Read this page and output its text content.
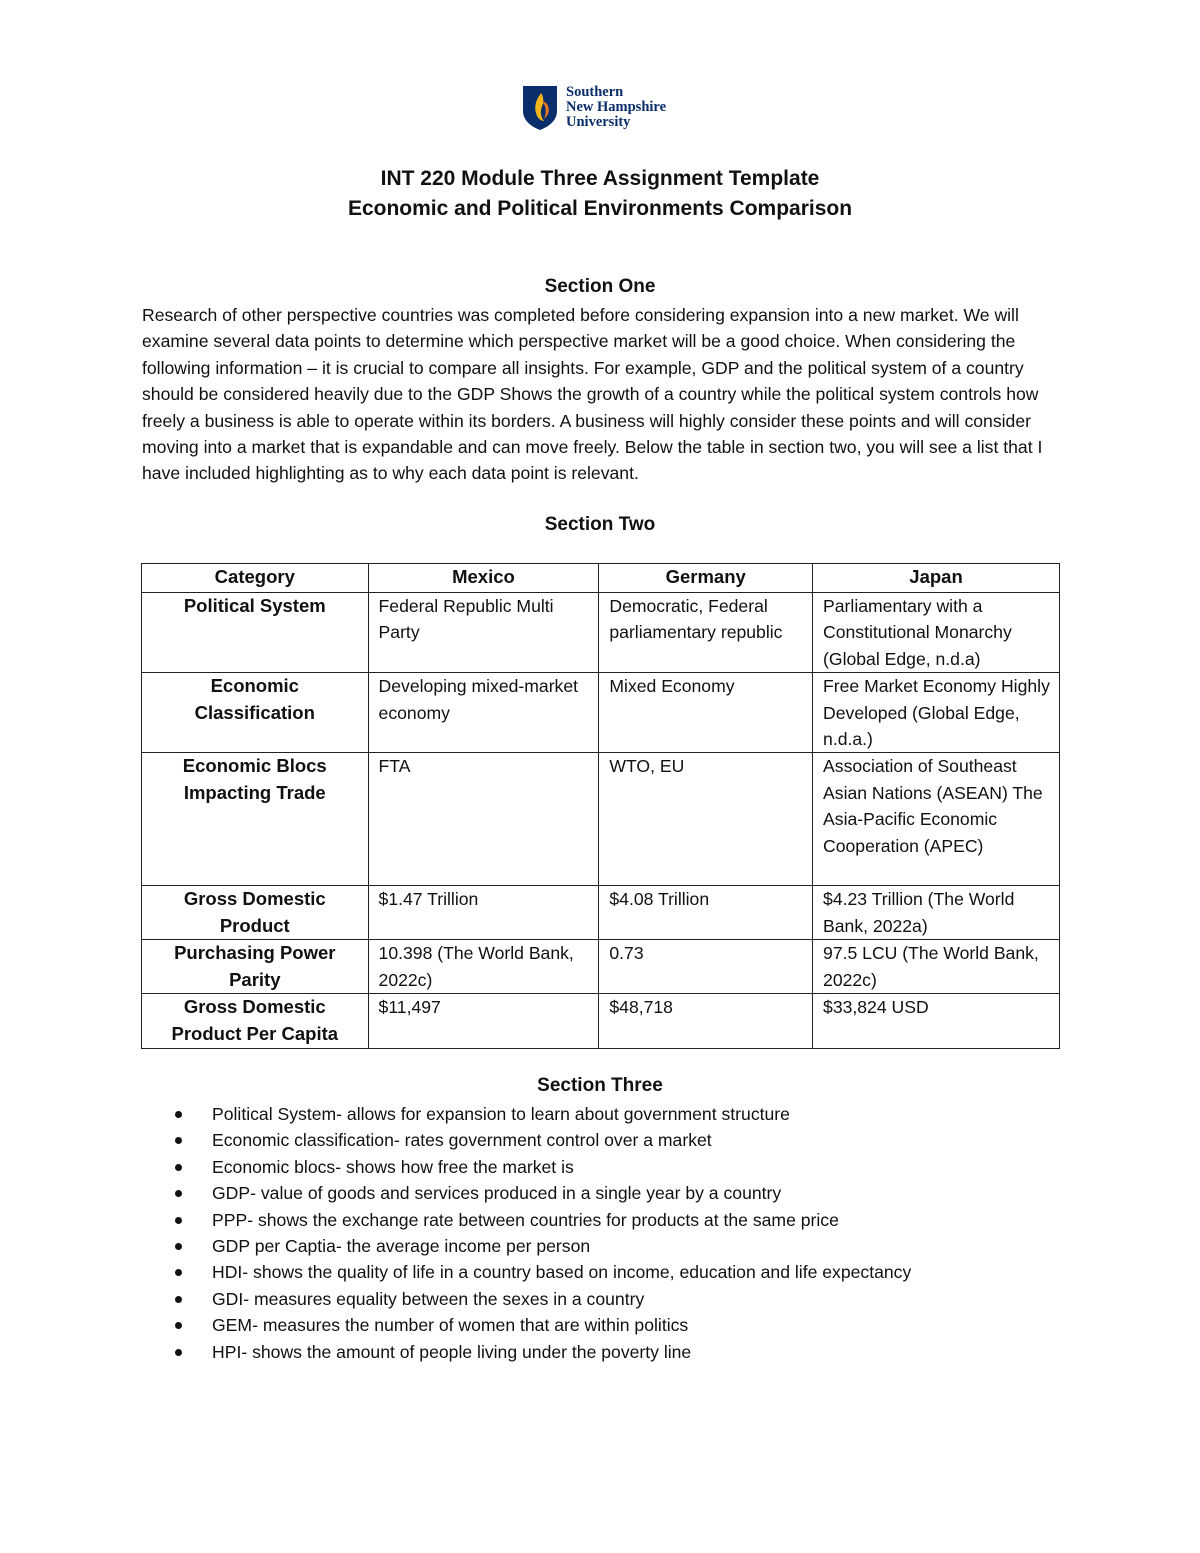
Southern
New Hampshire
University
INT 220 Module Three Assignment Template
Economic and Political Environments Comparison
Section One
Research of other perspective countries was completed before considering expansion into a new market. We will examine several data points to determine which perspective market will be a good choice. When considering the following information – it is crucial to compare all insights. For example, GDP and the political system of a country should be considered heavily due to the GDP Shows the growth of a country while the political system controls how freely a business is able to operate within its borders. A business will highly consider these points and will consider moving into a market that is expandable and can move freely. Below the table in section two, you will see a list that I have included highlighting as to why each data point is relevant.
Section Two
Category	Mexico	Germany	Japan
Political System	Federal Republic Multi Party	Democratic, Federal parliamentary republic	Parliamentary with a Constitutional Monarchy (Global Edge, n.d.a)
Economic Classification	Developing mixed-market economy	Mixed Economy	Free Market Economy Highly Developed (Global Edge, n.d.a.)
Economic Blocs Impacting Trade	FTA	WTO, EU	Association of Southeast Asian Nations (ASEAN) The Asia-Pacific Economic Cooperation (APEC)
Gross Domestic Product	$1.47 Trillion	$4.08 Trillion	$4.23 Trillion (The World Bank, 2022a)
Purchasing Power Parity	10.398 (The World Bank, 2022c)	0.73	97.5 LCU (The World Bank, 2022c)
Gross Domestic Product Per Capita	$11,497	$48,718	$33,824 USD
Section Three
Political System- allows for expansion to learn about government structure
Economic classification- rates government control over a market
Economic blocs- shows how free the market is
GDP- value of goods and services produced in a single year by a country
PPP- shows the exchange rate between countries for products at the same price
GDP per Captia- the average income per person
HDI- shows the quality of life in a country based on income, education and life expectancy
GDI- measures equality between the sexes in a country
GEM- measures the number of women that are within politics
HPI- shows the amount of people living under the poverty line
